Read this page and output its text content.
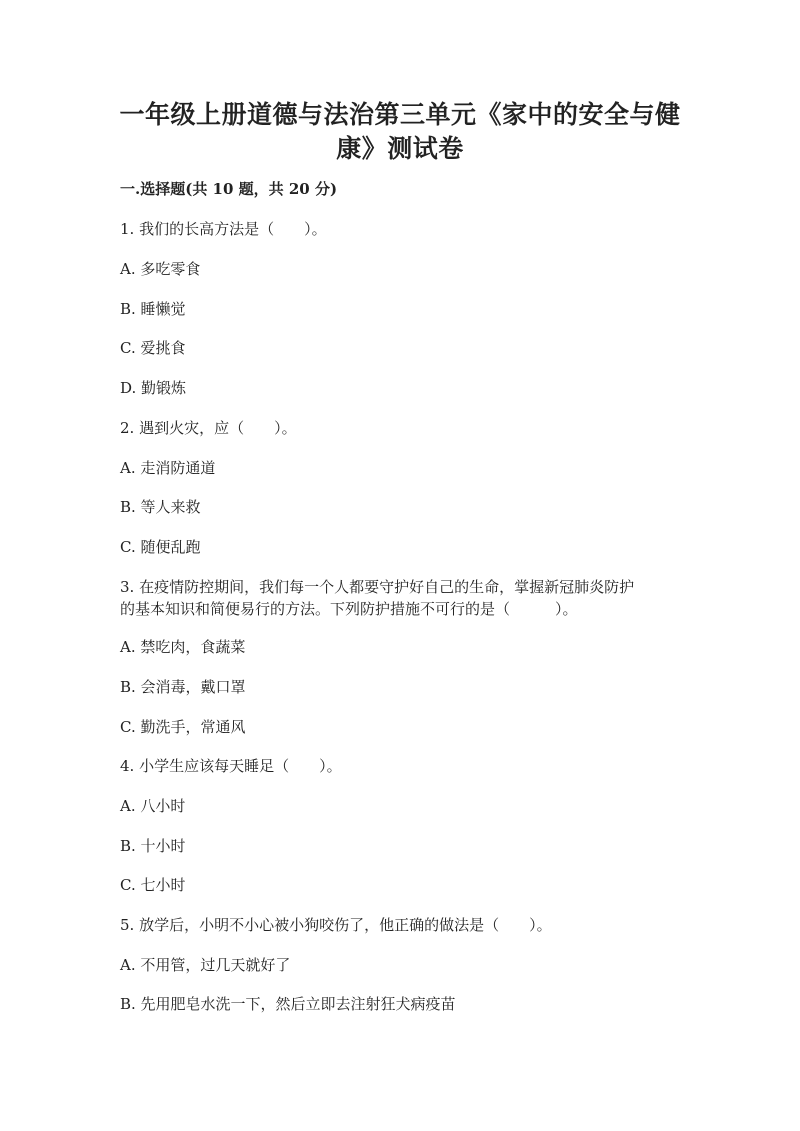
一年级上册道德与法治第三单元《家中的安全与健
康》测试卷
一.选择题(共 10 题，共 20 分)
1. 我们的长高方法是（　　）。
A. 多吃零食
B. 睡懒觉
C. 爱挑食
D. 勤锻炼
2. 遇到火灾，应（　　）。
A. 走消防通道
B. 等人来救
C. 随便乱跑
3. 在疫情防控期间，我们每一个人都要守护好自己的生命，掌握新冠肺炎防护
的基本知识和简便易行的方法。下列防护措施不可行的是（　　　）。
A. 禁吃肉，食蔬菜
B. 会消毒，戴口罩
C. 勤洗手，常通风
4. 小学生应该每天睡足（　　）。
A. 八小时
B. 十小时
C. 七小时
5. 放学后，小明不小心被小狗咬伤了，他正确的做法是（　　）。
A. 不用管，过几天就好了
B. 先用肥皂水洗一下，然后立即去注射狂犬病疫苗
